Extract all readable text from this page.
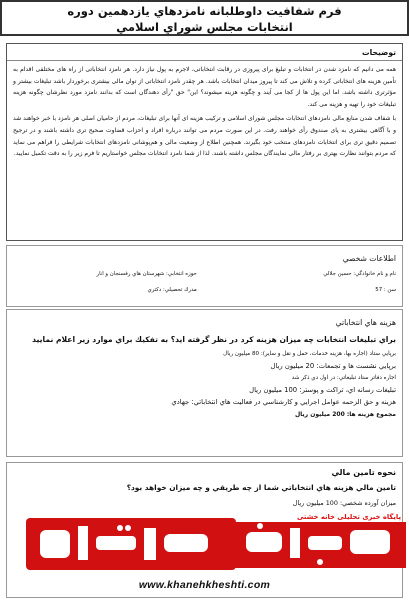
فرم شفافيت داوطلبانه نامزدهاي يازدهمين دوره
انتخابات مجلس شوراي اسلامي
توضيحات
همه می دانیم که نامزد شدن در انتخابات و تبلیغ برای پیروزی در رقابت انتخاباتی، لاجرم به پول نیاز دارد. هر نامزد انتخاباتی از راه های مختلفی اقدام به تأمین هزینه های انتخاباتی کرده و تلاش می کند تا پیروز میدان انتخابات باشد. هر چقدر نامزد انتخاباتی از توان مالی بیشتری برخوردار باشد تبلیغات بیشتر و مؤثرتری داشته باشد. اما این پول ها از کجا می آیند و چگونه هزینه میشوند؟ این" حق "رأی دهندگان است که بدانند نامزد مورد نظرشان چگونه هزینه تبلیغات خود را تهیه و هزینه می کند.
با شفاف شدن منابع مالی نامزدهای انتخابات مجلس شورای اسلامی و ترکیب هزینه ای آنها برای تبلیغات، مردم از حامیان اصلی هر نامزد با خبر خواهند شد و با آگاهی بیشتری به پای صندوق رأی خواهند رفت. در این صورت مردم می توانند درباره افراد و احزاب قضاوت صحیح تری داشته باشند و در ترجیح تصمیم دقیق تری برای انتخابات نامزدهای منتخب خود بگیرند. همچنین اطلاع از وضعیت مالی و هم‌پوشانی نامزدهای انتخابات شرایطی را فراهم می نماید که مردم بتوانند نظارت بهتری بر رفتار مالی نمایندگان مجلس داشته باشند. لذا از شما نامزد انتخابات مجلس خواستاریم تا فرم زیر را به دقت تکمیل نمایید.
اطلاعات شخصي
نام و نام خانوادگي: حسين جلالي
حوزه انتخابي: شهرستان هاي رفسنجان و انار
سن : 57
مدرك تحصيلي: دكتري
هزينه هاي انتخاباتي
براي تبليغات انتخابات چه ميزان هزينه كرد در نظر گرفته ايد؟ به تفكيك براي موارد زير اعلام نماييد
برپايي ستاد (اجاره بها، هزينه خدمات، حمل و نقل و ساير): 80 ميليون ريال
برپايي نشست ها و تجمعات: 20 ميليون ريال
اجاره دفاتر ستاد تبليغاتي: در اول دي ذكر شد
تبليغات رسانه اي، تراكت و پوستر: 100 ميليون ريال
هزينه و حق الزحمه عوامل اجرايي و كارشناسي در فعاليت هاي انتخاباتي: جهادي
مجموع هزينه ها: 200 ميليون ريال
نحوه تامين مالي
تامين مالي هزينه هاي انتخاباتي شما از چه طريقي و چه ميزان خواهد بود؟
ميزان آورده شخصي: 100 ميليون ريال
پایگاه خبری تحلیلی خانه خشتی
www.khanehkheshti.com
